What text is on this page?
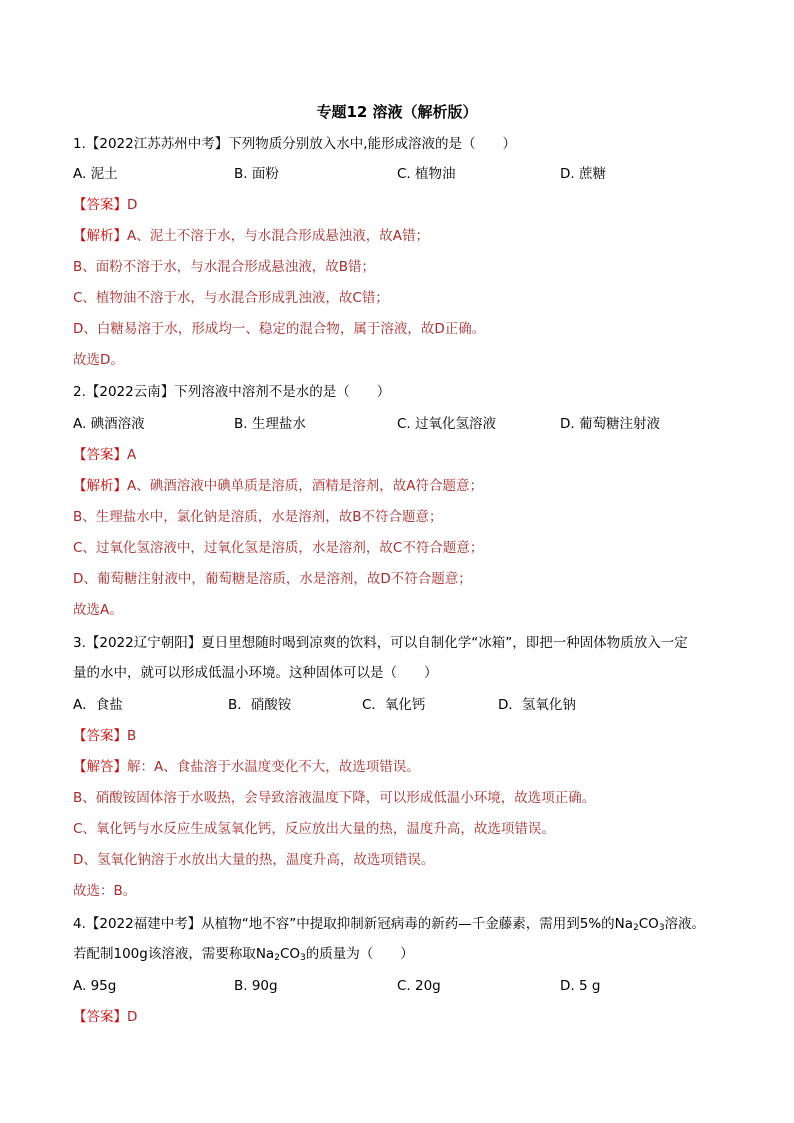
专题12 溶液（解析版）
1.【2022江苏苏州中考】下列物质分别放入水中,能形成溶液的是（　　）
A. 泥土	B. 面粉	C. 植物油	D. 蔗糖
【答案】D
【解析】A、泥土不溶于水，与水混合形成悬浊液，故A错；
B、面粉不溶于水，与水混合形成悬浊液，故B错；
C、植物油不溶于水，与水混合形成乳浊液，故C错；
D、白糖易溶于水，形成均一、稳定的混合物，属于溶液，故D正确。
故选D。
2.【2022云南】下列溶液中溶剂不是水的是（　　）
A. 碘酒溶液	B. 生理盐水	C. 过氧化氢溶液	D. 葡萄糖注射液
【答案】A
【解析】A、碘酒溶液中碘单质是溶质，酒精是溶剂，故A符合题意；
B、生理盐水中，氯化钠是溶质，水是溶剂，故B不符合题意；
C、过氧化氢溶液中，过氧化氢是溶质，水是溶剂，故C不符合题意；
D、葡萄糖注射液中，葡萄糖是溶质，水是溶剂，故D不符合题意；
故选A。
3.【2022辽宁朝阳】夏日里想随时喝到凉爽的饮料，可以自制化学“冰箱”，即把一种固体物质放入一定
量的水中，就可以形成低温小环境。这种固体可以是（　　）
A．食盐	B．硝酸铵	C．氧化钙	D．氢氧化钠
【答案】B
【解答】解：A、食盐溶于水温度变化不大，故选项错误。
B、硝酸铵固体溶于水吸热，会导致溶液温度下降，可以形成低温小环境，故选项正确。
C、氧化钙与水反应生成氢氧化钙，反应放出大量的热，温度升高，故选项错误。
D、氢氧化钠溶于水放出大量的热，温度升高，故选项错误。
故选：B。
4.【2022福建中考】从植物“地不容”中提取抑制新冠病毒的新药—千金藤素，需用到5%的$Na_2CO_3$溶液。
若配制100g该溶液，需要称取$Na_2CO_3$的质量为（　　）
A. 95g	B. 90g	C. 20g	D. 5 g
【答案】D
